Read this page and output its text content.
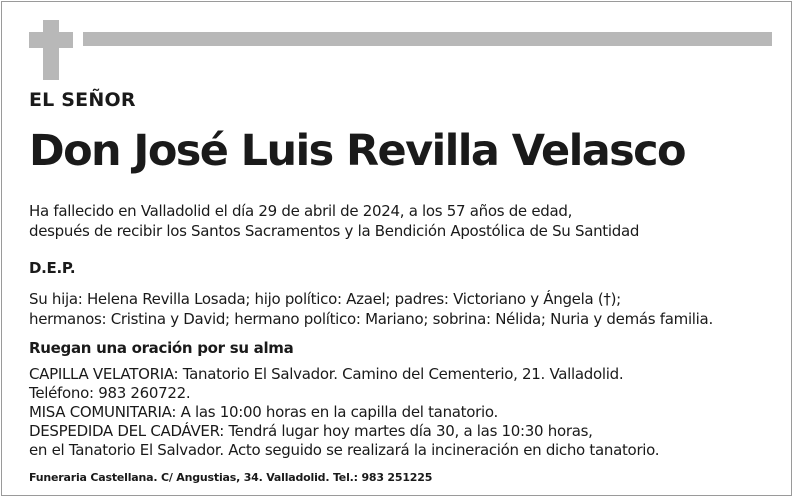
EL SEÑOR
Don José Luis Revilla Velasco
Ha fallecido en Valladolid el día 29 de abril de 2024, a los 57 años de edad,
después de recibir los Santos Sacramentos y la Bendición Apostólica de Su Santidad
D.E.P.
Su hija: Helena Revilla Losada; hijo político: Azael; padres: Victoriano y Ángela (†);
hermanos: Cristina y David; hermano político: Mariano; sobrina: Nélida; Nuria y demás familia.
Ruegan una oración por su alma
CAPILLA VELATORIA: Tanatorio El Salvador. Camino del Cementerio, 21. Valladolid.
Teléfono: 983 260722.
MISA COMUNITARIA: A las 10:00 horas en la capilla del tanatorio.
DESPEDIDA DEL CADÁVER: Tendrá lugar hoy martes día 30, a las 10:30 horas,
en el Tanatorio El Salvador. Acto seguido se realizará la incineración en dicho tanatorio.
Funeraria Castellana. C/ Angustias, 34. Valladolid. Tel.: 983 251225
